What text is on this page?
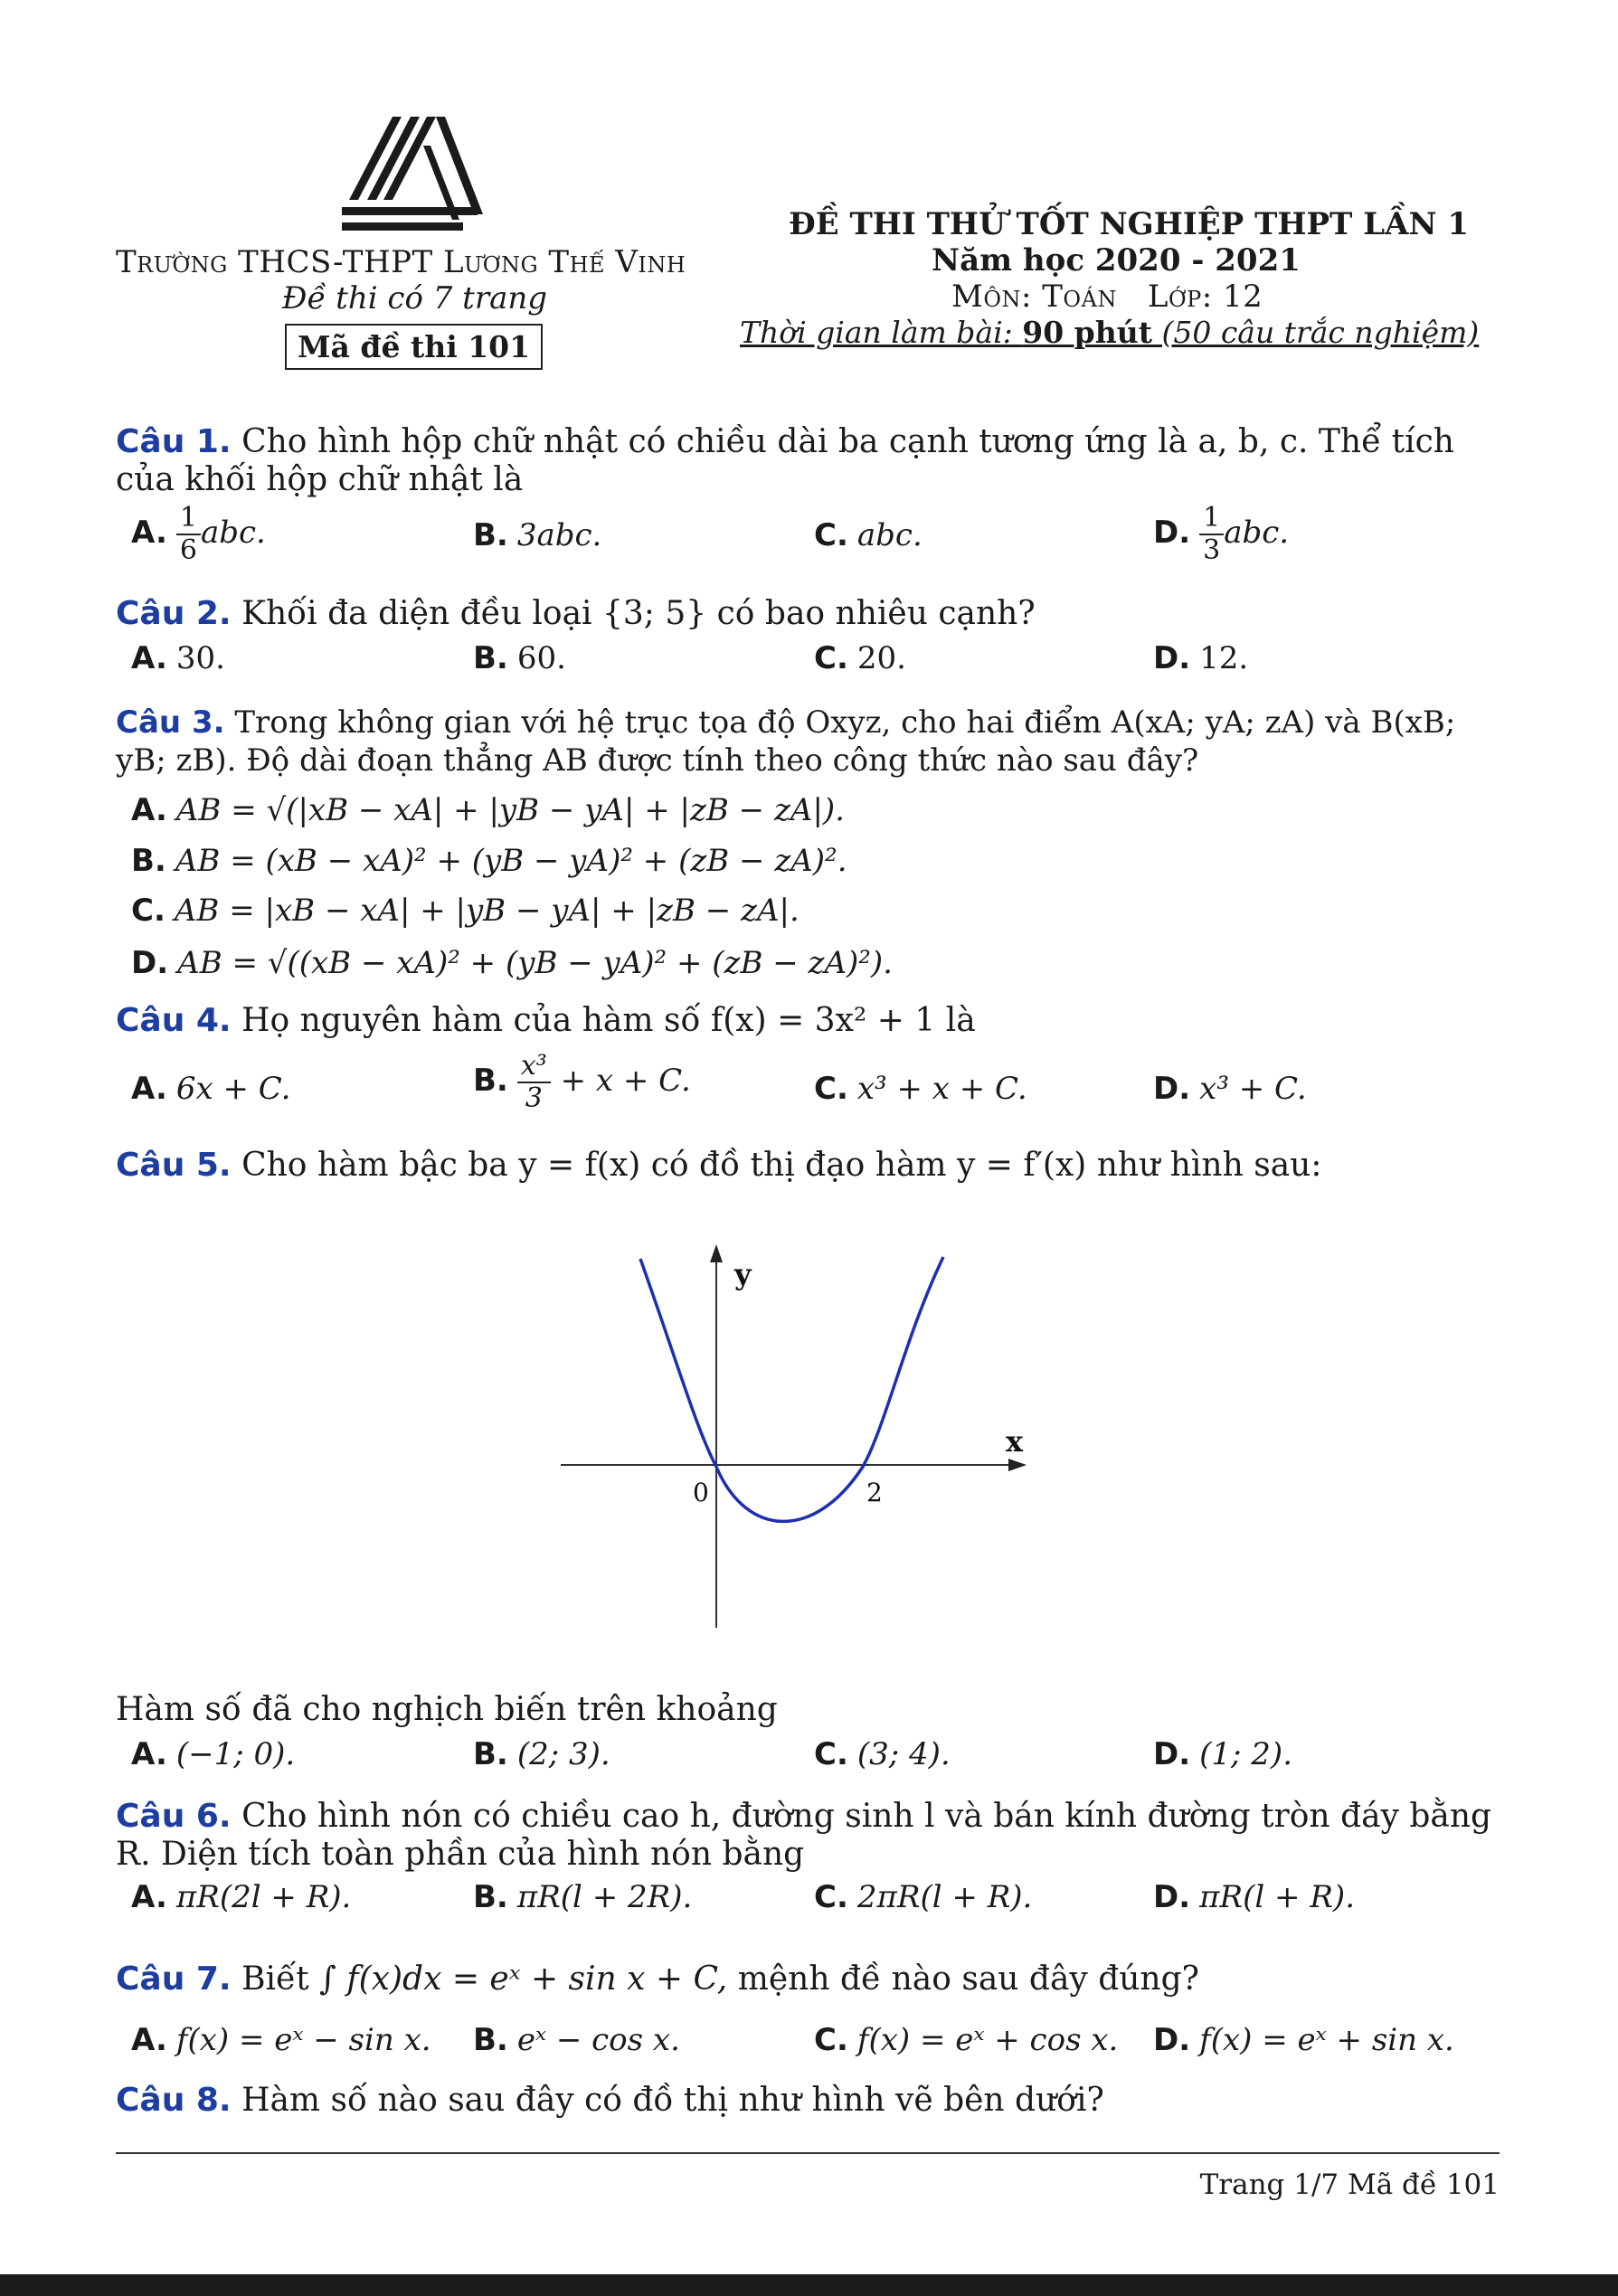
Trường THCS-THPT Lương Thế Vinh
Đề thi có 7 trang
Mã đề thi 101
ĐỀ THI THỬ TỐT NGHIỆP THPT LẦN 1
Năm học 2020 - 2021
Môn: Toán   Lớp: 12
Thời gian làm bài: 90 phút (50 câu trắc nghiệm)
Câu 1. Cho hình hộp chữ nhật có chiều dài ba cạnh tương ứng là a, b, c. Thể tích của khối hộp chữ nhật là
A. $\frac{1}{6}$ abc.	B. 3abc.	C. abc.	D. $\frac{1}{3}$ abc.
Câu 2. Khối đa diện đều loại {3; 5} có bao nhiêu cạnh?
A. 30.	B. 60.	C. 20.	D. 12.
Câu 3. Trong không gian với hệ trục tọa độ Oxyz, cho hai điểm A(xA; yA; zA) và B(xB; yB; zB). Độ dài đoạn thẳng AB được tính theo công thức nào sau đây?
A. AB = √(|xB − xA| + |yB − yA| + |zB − zA|).
B. AB = (xB − xA)² + (yB − yA)² + (zB − zA)².
C. AB = |xB − xA| + |yB − yA| + |zB − zA|.
D. AB = √((xB − xA)² + (yB − yA)² + (zB − zA)²).
Câu 4. Họ nguyên hàm của hàm số f(x) = 3x² + 1 là
A. 6x + C.	B. $\frac{\text{x³}}{3} + x + C$.	C. x³ + x + C.	D. x³ + C.
Câu 5. Cho hàm bậc ba y = f(x) có đồ thị đạo hàm y = f′(x) như hình sau:
y
x
0	2
Hàm số đã cho nghịch biến trên khoảng
A. (−1; 0).	B. (2; 3).	C. (3; 4).	D. (1; 2).
Câu 6. Cho hình nón có chiều cao h, đường sinh l và bán kính đường tròn đáy bằng R. Diện tích toàn phần của hình nón bằng
A. πR(2l + R).	B. πR(l + 2R).	C. 2πR(l + R).	D. πR(l + R).
Câu 7. Biết ∫ f(x)dx = eˣ + sin x + C, mệnh đề nào sau đây đúng?
A. f(x) = eˣ − sin x. B. eˣ − cos x.	C. f(x) = eˣ + cos x. D. f(x) = eˣ + sin x.
Câu 8. Hàm số nào sau đây có đồ thị như hình vẽ bên dưới?
Trang 1/7 Mã đề 101
